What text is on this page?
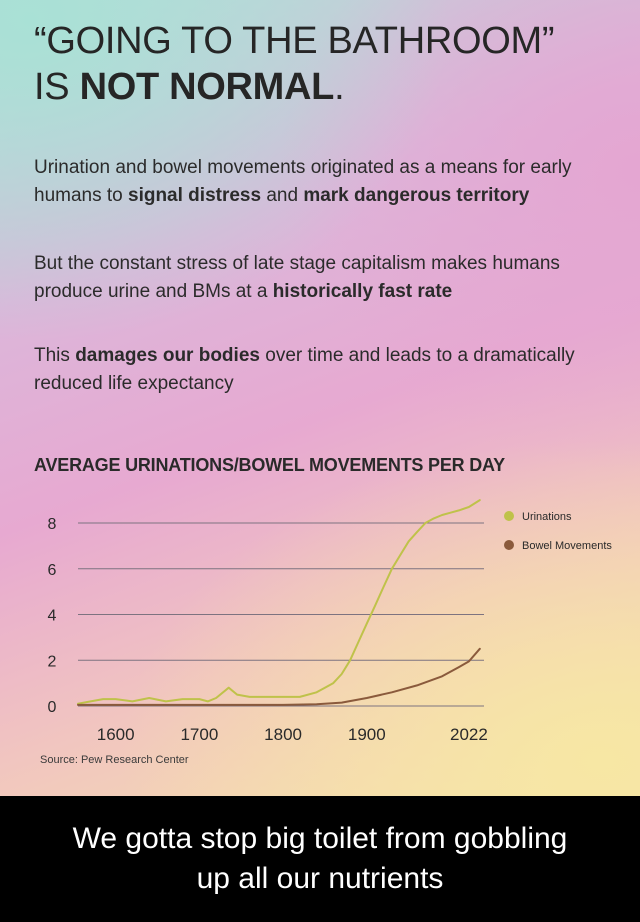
“GOING TO THE BATHROOM”
IS NOT NORMAL.

Urination and bowel movements originated as a means for early humans to signal distress and mark dangerous territory

But the constant stress of late stage capitalism makes humans produce urine and BMs at a historically fast rate

This damages our bodies over time and leads to a dramatically reduced life expectancy

AVERAGE URINATIONS/BOWEL MOVEMENTS PER DAY
0
2
4
6
8
1600	1700	1800	1900	2022
Urinations
Bowel Movements
Source: Pew Research Center
We gotta stop big toilet from gobbling up all our nutrients
